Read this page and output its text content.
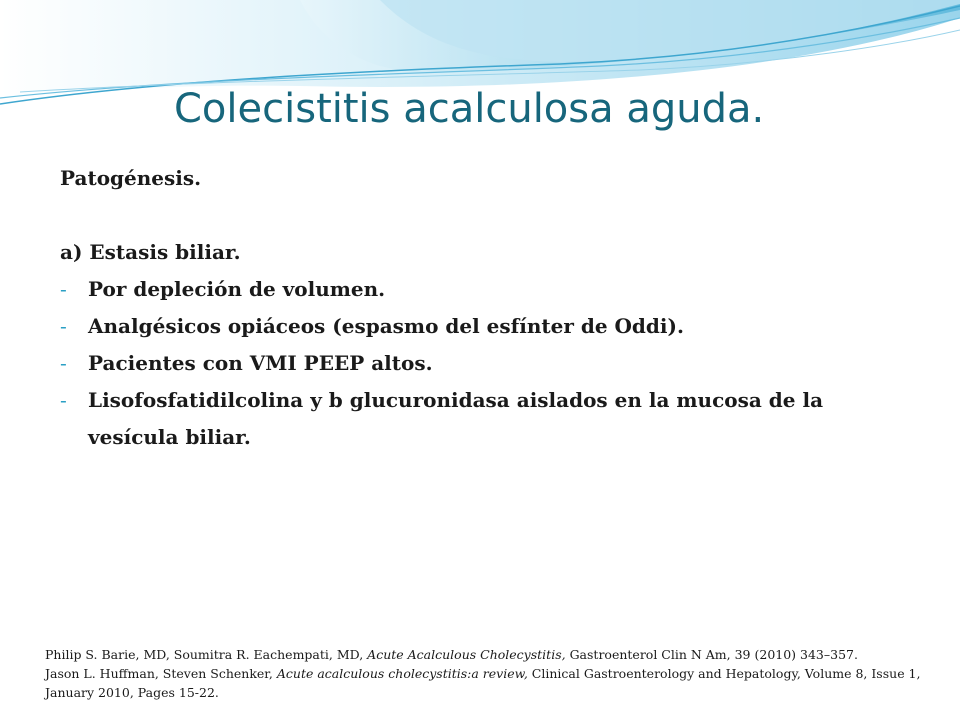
Colecistitis acalculosa aguda.

Patogénesis.

a) Estasis biliar.

- Por depleción de volumen.
- Analgésicos opiáceos (espasmo del esfínter de Oddi).
- Pacientes con VMI PEEP altos.
- Lisofosfatidilcolina y b glucuronidasa aislados en la mucosa de la vesícula biliar.

Philip S. Barie, MD, Soumitra R. Eachempati, MD, Acute Acalculous Cholecystitis, Gastroenterol Clin N Am, 39 (2010) 343–357.

Jason L. Huffman, Steven Schenker, Acute acalculous cholecystitis:a review, Clinical Gastroenterology and Hepatology, Volume 8, Issue 1, January 2010, Pages 15-22.
